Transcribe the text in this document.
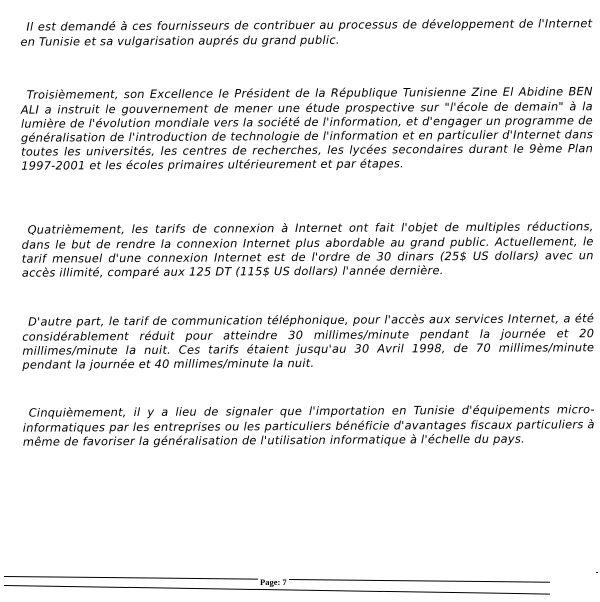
Il est demandé à ces fournisseurs de contribuer au processus de développement de l'Internet en Tunisie et sa vulgarisation auprés du grand public.

Troisièmement, son Excellence le Président de la République Tunisienne Zine El Abidine BEN ALI a instruit le gouvernement de mener une étude prospective sur "l'école de demain" à la lumière de l'évolution mondiale vers la société de l'information, et d'engager un programme de généralisation de l'introduction de technologie de l'information et en particulier d'Internet dans toutes les universités, les centres de recherches, les lycées secondaires durant le 9ème Plan 1997-2001 et les écoles primaires ultérieurement et par étapes.

Quatrièmement, les tarifs de connexion à Internet ont fait l'objet de multiples réductions, dans le but de rendre la connexion Internet plus abordable au grand public. Actuellement, le tarif mensuel d'une connexion Internet est de l'ordre de 30 dinars (25$ US dollars) avec un accès illimité, comparé aux 125 DT (115$ US dollars) l'année dernière.

D'autre part, le tarif de communication téléphonique, pour l'accès aux services Internet, a été considérablement réduit pour atteindre 30 millimes/minute pendant la journée et 20 millimes/minute la nuit. Ces tarifs étaient jusqu'au 30 Avril 1998, de 70 millimes/minute pendant la journée et 40 millimes/minute la nuit.

Cinquièmement, il y a lieu de signaler que l'importation en Tunisie d'équipements micro-informatiques par les entreprises ou les particuliers bénéficie d'avantages fiscaux particuliers à même de favoriser la généralisation de l'utilisation informatique à l'échelle du pays.

Page: 7
